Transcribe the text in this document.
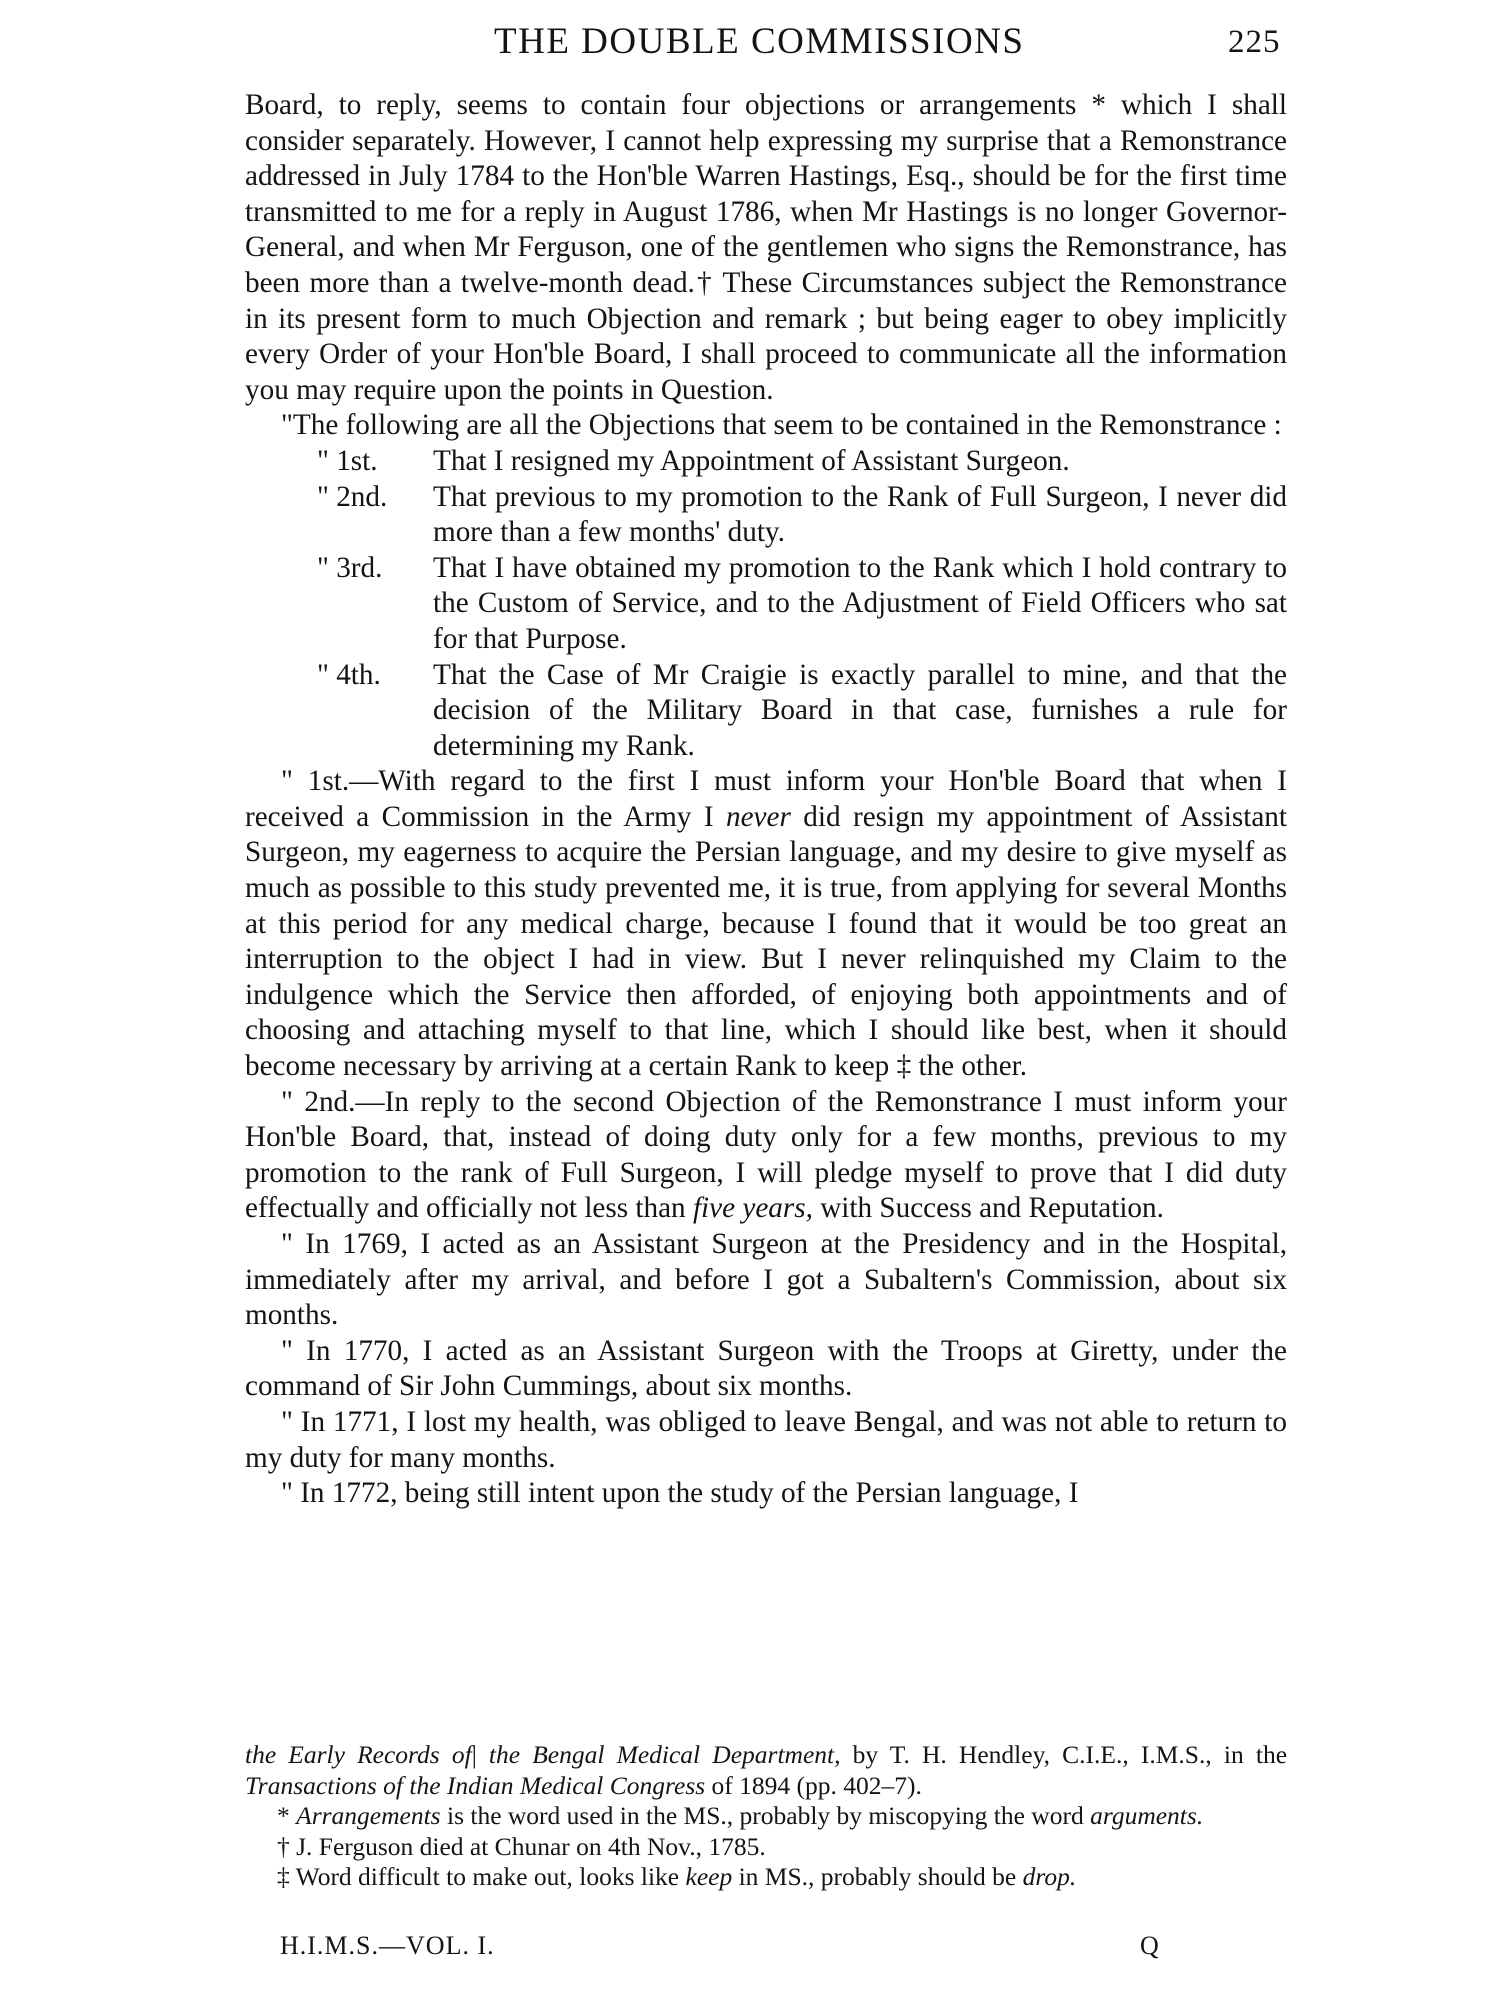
THE DOUBLE COMMISSIONS	225

Board, to reply, seems to contain four objections or arrangements * which I shall consider separately. However, I cannot help expressing my surprise that a Remonstrance addressed in July 1784 to the Hon'ble Warren Hastings, Esq., should be for the first time transmitted to me for a reply in August 1786, when Mr Hastings is no longer Governor-General, and when Mr Ferguson, one of the gentlemen who signs the Remonstrance, has been more than a twelve-month dead.† These Circumstances subject the Remonstrance in its present form to much Objection and remark ; but being eager to obey implicitly every Order of your Hon'ble Board, I shall proceed to communicate all the information you may require upon the points in Question.

"The following are all the Objections that seem to be contained in the Remonstrance :

" 1st.	That I resigned my Appointment of Assistant Surgeon.
" 2nd.	That previous to my promotion to the Rank of Full Surgeon, I never did more than a few months' duty.
" 3rd.	That I have obtained my promotion to the Rank which I hold contrary to the Custom of Service, and to the Adjustment of Field Officers who sat for that Purpose.
" 4th.	That the Case of Mr Craigie is exactly parallel to mine, and that the decision of the Military Board in that case, furnishes a rule for determining my Rank.

" 1st.—With regard to the first I must inform your Hon'ble Board that when I received a Commission in the Army I never did resign my appointment of Assistant Surgeon, my eagerness to acquire the Persian language, and my desire to give myself as much as possible to this study prevented me, it is true, from applying for several Months at this period for any medical charge, because I found that it would be too great an interruption to the object I had in view. But I never relinquished my Claim to the indulgence which the Service then afforded, of enjoying both appointments and of choosing and attaching myself to that line, which I should like best, when it should become necessary by arriving at a certain Rank to keep ‡ the other.

" 2nd.—In reply to the second Objection of the Remonstrance I must inform your Hon'ble Board, that, instead of doing duty only for a few months, previous to my promotion to the rank of Full Surgeon, I will pledge myself to prove that I did duty effectually and officially not less than five years, with Success and Reputation.

" In 1769, I acted as an Assistant Surgeon at the Presidency and in the Hospital, immediately after my arrival, and before I got a Subaltern's Commission, about six months.

" In 1770, I acted as an Assistant Surgeon with the Troops at Giretty, under the command of Sir John Cummings, about six months.

" In 1771, I lost my health, was obliged to leave Bengal, and was not able to return to my duty for many months.

" In 1772, being still intent upon the study of the Persian language, I

the Early Records of| the Bengal Medical Department, by T. H. Hendley, C.I.E., I.M.S., in the Transactions of the Indian Medical Congress of 1894 (pp. 402–7).

* Arrangements is the word used in the MS., probably by miscopying the word arguments.

† J. Ferguson died at Chunar on 4th Nov., 1785.

‡ Word difficult to make out, looks like keep in MS., probably should be drop.

H.I.M.S.—VOL. I.	Q
